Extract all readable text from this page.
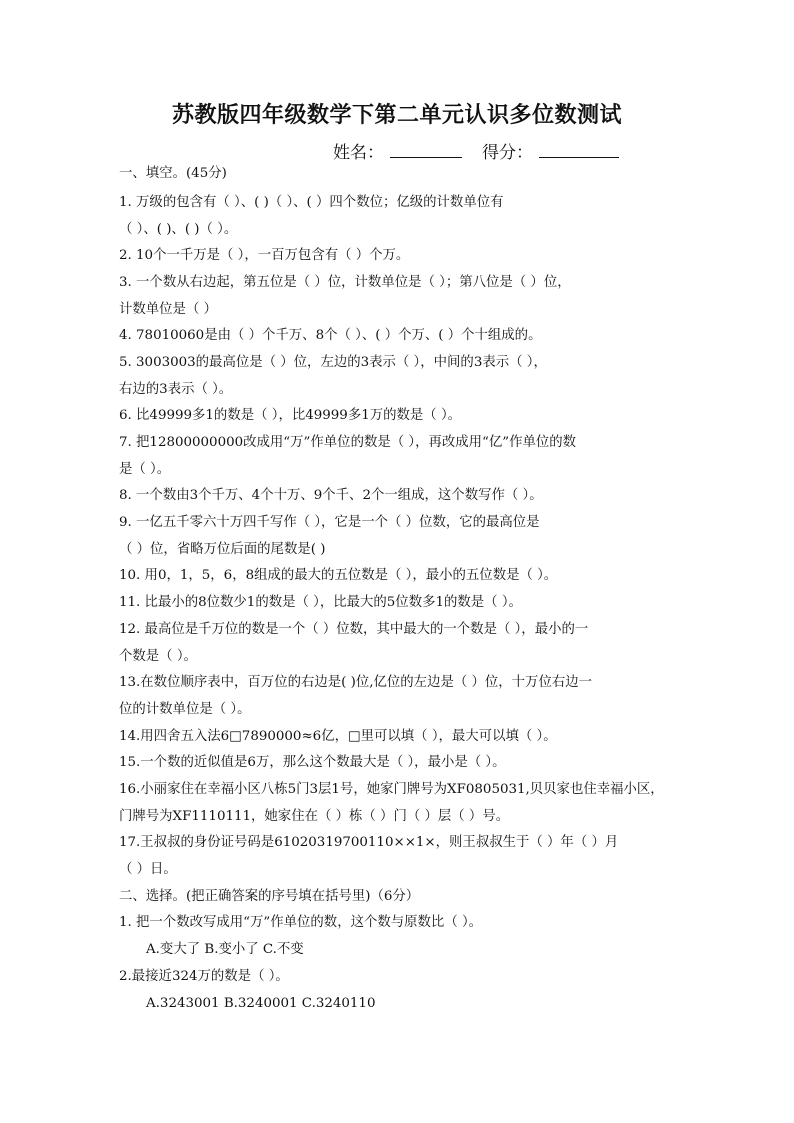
苏教版四年级数学下第二单元认识多位数测试
姓名：	得分：
一、填空。(45分)
1. 万级的包含有（ ）、( )（ ）、( ）四个数位；亿级的计数单位有
（ ）、( )、( )（ ）。
2. 10个一千万是（ ），一百万包含有（ ）个万。
3. 一个数从右边起，第五位是（ ）位，计数单位是（ ）；第八位是（ ）位，
计数单位是（ ）
4. 78010060是由（ ）个千万、8个（ ）、( ）个万、( ）个十组成的。
5. 3003003的最高位是（ ）位，左边的3表示（ ），中间的3表示（ ），
右边的3表示（ ）。
6. 比49999多1的数是（ ），比49999多1万的数是（ ）。
7. 把12800000000改成用“万”作单位的数是（ ），再改成用“亿”作单位的数
是（ ）。
8. 一个数由3个千万、4个十万、9个千、2个一组成，这个数写作（ ）。
9. 一亿五千零六十万四千写作（ ），它是一个（ ）位数，它的最高位是
（ ）位，省略万位后面的尾数是( )
10. 用0，1，5，6，8组成的最大的五位数是（ ），最小的五位数是（ ）。
11. 比最小的8位数少1的数是（ ），比最大的5位数多1的数是（ ）。
12. 最高位是千万位的数是一个（ ）位数，其中最大的一个数是（ ），最小的一
个数是（ ）。
13.在数位顺序表中，百万位的右边是( )位,亿位的左边是（ ）位，十万位右边一
位的计数单位是（ ）。
14.用四舍五入法6□7890000≈6亿，□里可以填（ ），最大可以填（ ）。
15.一个数的近似值是6万，那么这个数最大是（ ），最小是（ ）。
16.小丽家住在幸福小区八栋5门3层1号，她家门牌号为XF0805031,贝贝家也住幸福小区，
门牌号为XF1110111，她家住在（ ）栋（ ）门（ ）层（ ）号。
17.王叔叔的身份证号码是61020319700110××1×，则王叔叔生于（ ）年（ ）月
（ ）日。
二、选择。(把正确答案的序号填在括号里)（6分）
1. 把一个数改写成用“万”作单位的数，这个数与原数比（ ）。
A.变大了 B.变小了 C.不变
2.最接近324万的数是（ ）。
A.3243001 B.3240001 C.3240110
